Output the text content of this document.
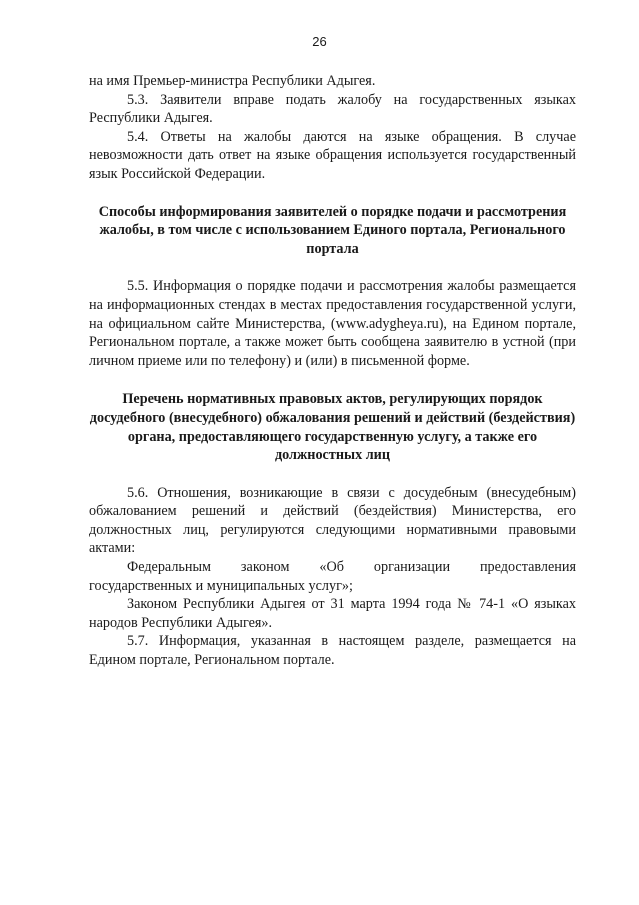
26

на имя Премьер-министра Республики Адыгея.

5.3. Заявители вправе подать жалобу на государственных языках Республики Адыгея.

5.4. Ответы на жалобы даются на языке обращения. В случае невозможности дать ответ на языке обращения используется государственный язык Российской Федерации.

Способы информирования заявителей о порядке подачи и рассмотрения жалобы, в том числе с использованием Единого портала, Регионального портала

5.5. Информация о порядке подачи и рассмотрения жалобы размещается на информационных стендах в местах предоставления государственной услуги, на официальном сайте Министерства, (www.adygheya.ru), на Едином портале, Региональном портале, а также может быть сообщена заявителю в устной (при личном приеме или по телефону) и (или) в письменной форме.

Перечень нормативных правовых актов, регулирующих порядок досудебного (внесудебного) обжалования решений и действий (бездействия) органа, предоставляющего государственную услугу, а также его должностных лиц

5.6. Отношения, возникающие в связи с досудебным (внесудебным) обжалованием решений и действий (бездействия) Министерства, его должностных лиц, регулируются следующими нормативными правовыми актами:

Федеральным законом «Об организации предоставления государственных и муниципальных услуг»;

Законом Республики Адыгея от 31 марта 1994 года № 74-1 «О языках народов Республики Адыгея».

5.7. Информация, указанная в настоящем разделе, размещается на Едином портале, Региональном портале.
